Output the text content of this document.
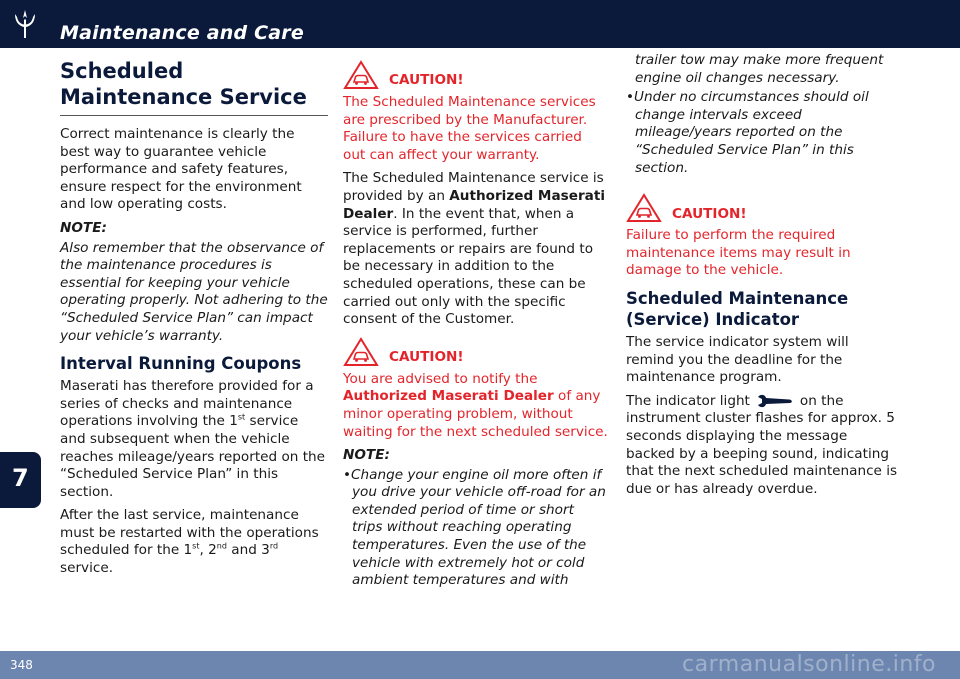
Maintenance and Care
7
Scheduled Maintenance Service

Correct maintenance is clearly the best way to guarantee vehicle performance and safety features, ensure respect for the environment and low operating costs.

NOTE:

Also remember that the observance of the maintenance procedures is essential for keeping your vehicle operating properly. Not adhering to the “Scheduled Service Plan” can impact your vehicle’s warranty.

Interval Running Coupons

Maserati has therefore provided for a series of checks and maintenance operations involving the 1st service and subsequent when the vehicle reaches mileage/years reported on the “Scheduled Service Plan” in this section.

After the last service, maintenance must be restarted with the operations scheduled for the 1st, 2nd and 3rd service.

CAUTION!

The Scheduled Maintenance services are prescribed by the Manufacturer. Failure to have the services carried out can affect your warranty.

The Scheduled Maintenance service is provided by an Authorized Maserati Dealer. In the event that, when a service is performed, further replacements or repairs are found to be necessary in addition to the scheduled operations, these can be carried out only with the specific consent of the Customer.

CAUTION!

You are advised to notify the Authorized Maserati Dealer of any minor operating problem, without waiting for the next scheduled service.

NOTE:

•Change your engine oil more often if you drive your vehicle off-road for an extended period of time or short trips without reaching operating temperatures. Even the use of the vehicle with extremely hot or cold ambient temperatures and with

trailer tow may make more frequent engine oil changes necessary.

•Under no circumstances should oil change intervals exceed mileage/years reported on the “Scheduled Service Plan” in this section.

CAUTION!

Failure to perform the required maintenance items may result in damage to the vehicle.

Scheduled Maintenance (Service) Indicator

The service indicator system will remind you the deadline for the maintenance program.

The indicator light	on the instrument cluster flashes for approx. 5 seconds displaying the message backed by a beeping sound, indicating that the next scheduled maintenance is due or has already overdue.

348	carmanualsonline.info
